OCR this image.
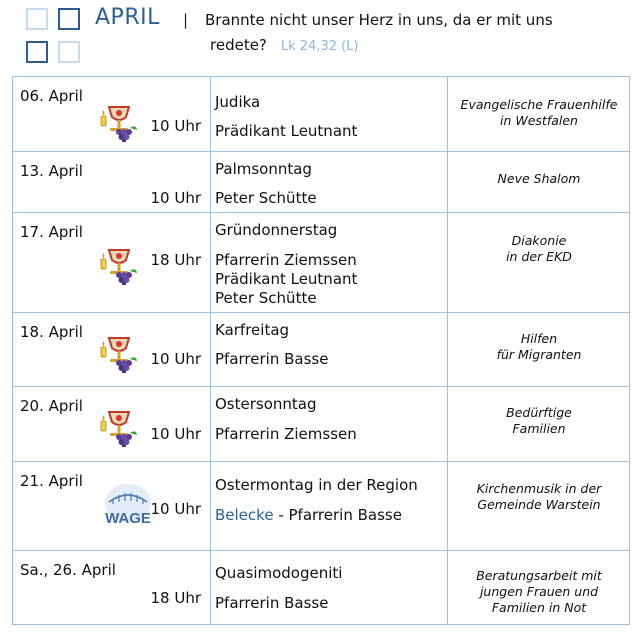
APRIL | Brannte nicht unser Herz in uns, da er mit uns
redete? Lk 24,32 (L)
06. April
10 Uhr
Judika
Prädikant Leutnant
Evangelische Frauenhilfe
in Westfalen
13. April
10 Uhr
Palmsonntag
Peter Schütte
Neve Shalom
17. April
18 Uhr
Gründonnerstag
Pfarrerin Ziemssen
Prädikant Leutnant
Peter Schütte
Diakonie
in der EKD
18. April
10 Uhr
Karfreitag
Pfarrerin Basse
Hilfen
für Migranten
20. April
10 Uhr
Ostersonntag
Pfarrerin Ziemssen
Bedürftige
Familien
21. April
WAGE
10 Uhr
Ostermontag in der Region
Belecke - Pfarrerin Basse
Kirchenmusik in der
Gemeinde Warstein
Sa., 26. April
18 Uhr
Quasimodogeniti
Pfarrerin Basse
Beratungsarbeit mit
jungen Frauen und
Familien in Not
